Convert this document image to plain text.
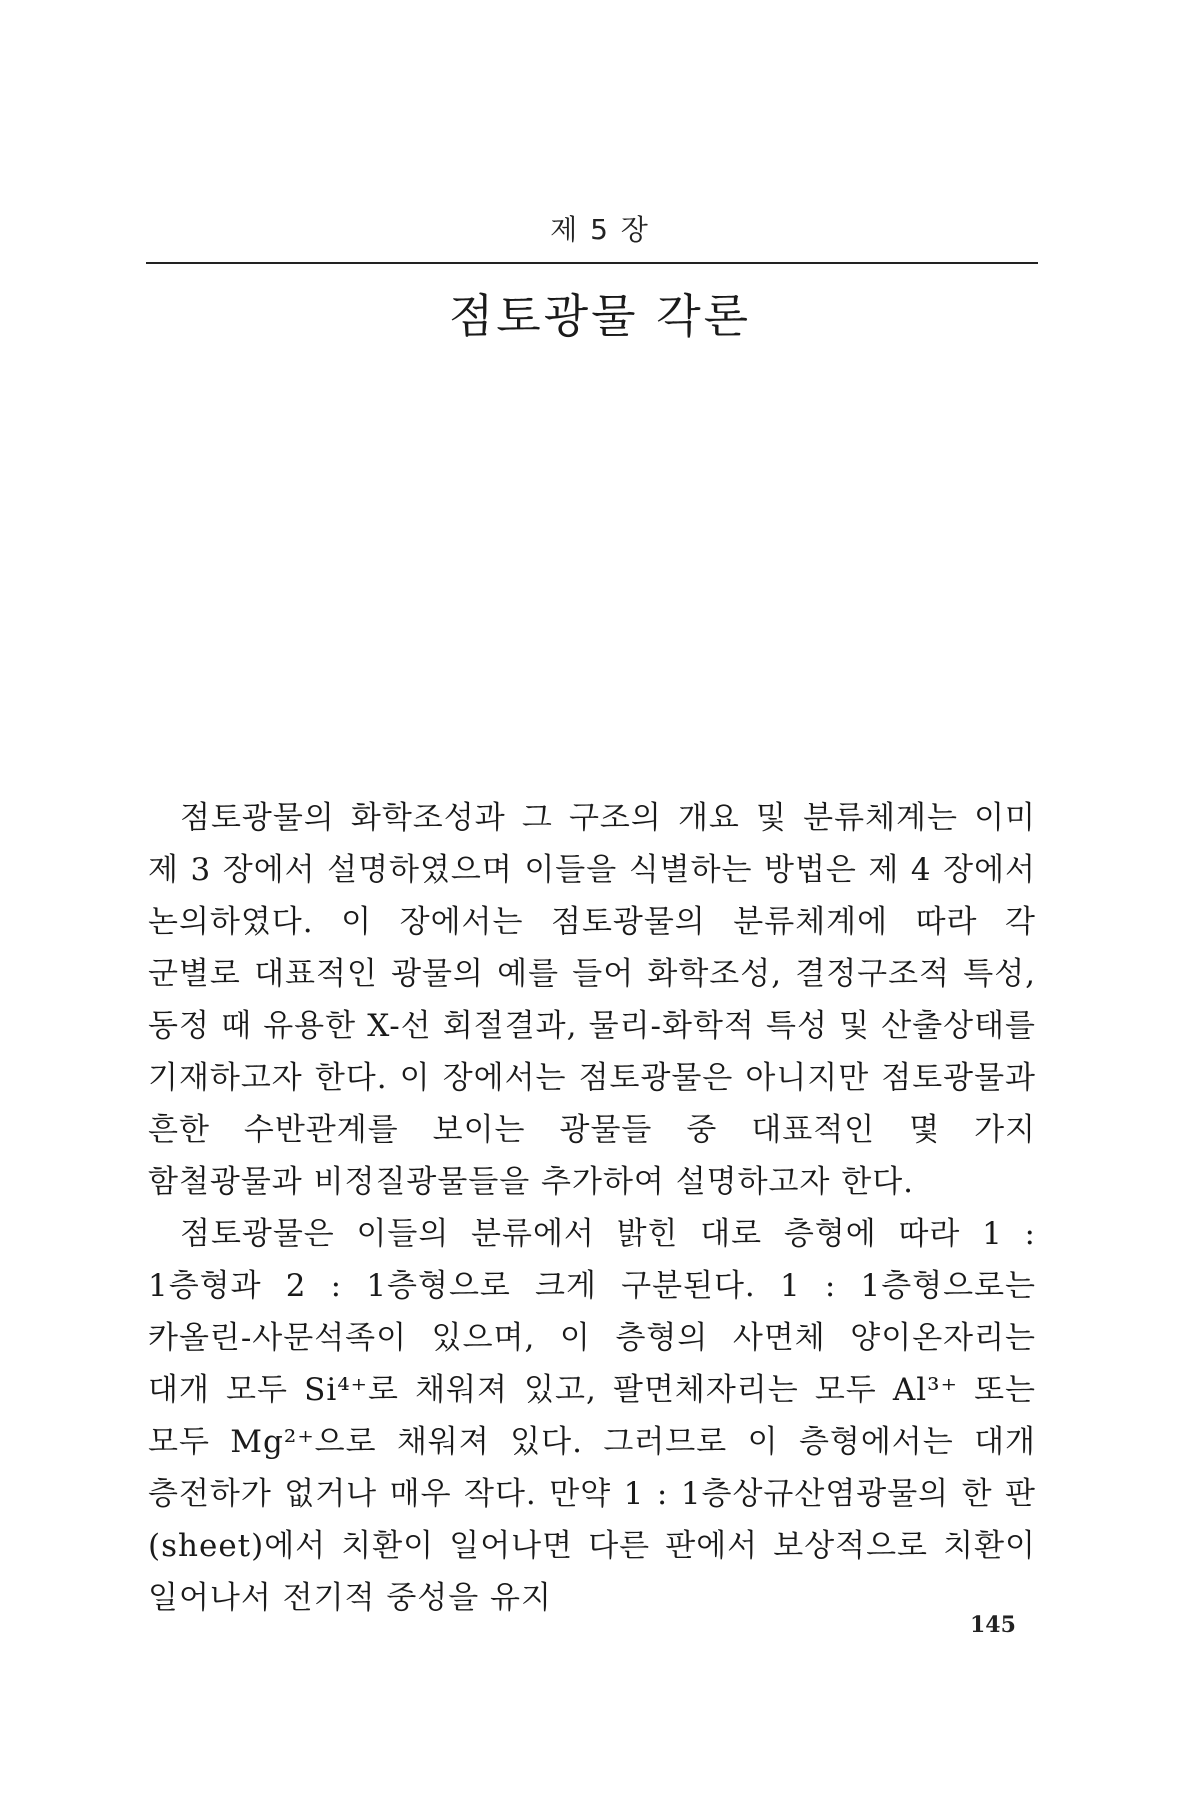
제 5 장
점토광물 각론

점토광물의 화학조성과 그 구조의 개요 및 분류체계는 이미 제 3 장에서 설명하였으며 이들을 식별하는 방법은 제 4 장에서 논의하였다. 이 장에서는 점토광물의 분류체계에 따라 각 군별로 대표적인 광물의 예를 들어 화학조성, 결정구조적 특성, 동정 때 유용한 X-선 회절결과, 물리-화학적 특성 및 산출상태를 기재하고자 한다. 이 장에서는 점토광물은 아니지만 점토광물과 흔한 수반관계를 보이는 광물들 중 대표적인 몇 가지 함철광물과 비정질광물들을 추가하여 설명하고자 한다.

점토광물은 이들의 분류에서 밝힌 대로 층형에 따라 1 : 1층형과 2 : 1층형으로 크게 구분된다. 1 : 1층형으로는 카올린-사문석족이 있으며, 이 층형의 사면체 양이온자리는 대개 모두 Si⁴⁺로 채워져 있고, 팔면체자리는 모두 Al³⁺ 또는 모두 Mg²⁺으로 채워져 있다. 그러므로 이 층형에서는 대개 층전하가 없거나 매우 작다. 만약 1 : 1층상규산염광물의 한 판(sheet)에서 치환이 일어나면 다른 판에서 보상적으로 치환이 일어나서 전기적 중성을 유지

145
